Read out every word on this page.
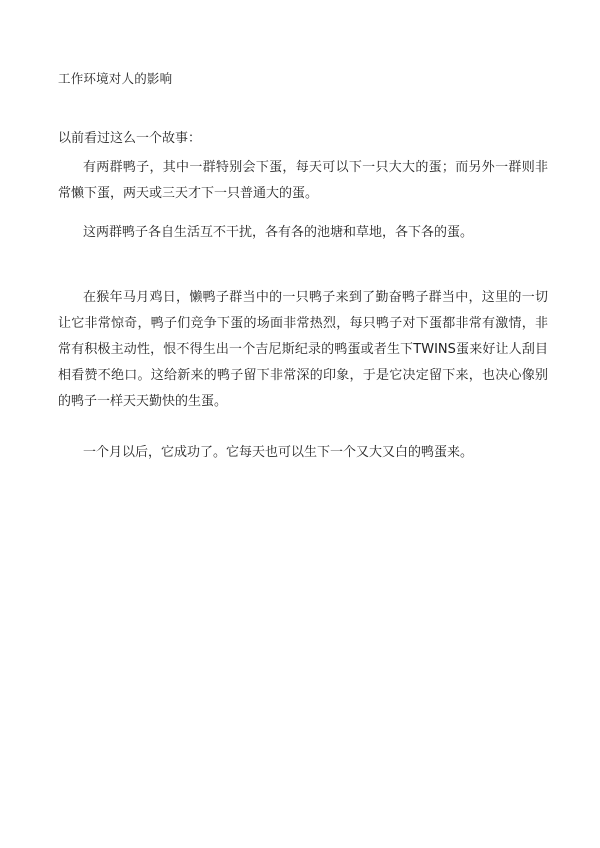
工作环境对人的影响
以前看过这么一个故事：

有两群鸭子，其中一群特别会下蛋，每天可以下一只大大的蛋；而另外一群则非常懒下蛋，两天或三天才下一只普通大的蛋。

这两群鸭子各自生活互不干扰，各有各的池塘和草地，各下各的蛋。

在猴年马月鸡日，懒鸭子群当中的一只鸭子来到了勤奋鸭子群当中，这里的一切让它非常惊奇，鸭子们竞争下蛋的场面非常热烈，每只鸭子对下蛋都非常有激情，非常有积极主动性，恨不得生出一个吉尼斯纪录的鸭蛋或者生下TWINS蛋来好让人刮目相看赞不绝口。这给新来的鸭子留下非常深的印象，于是它决定留下来，也决心像别的鸭子一样天天勤快的生蛋。

一个月以后，它成功了。它每天也可以生下一个又大又白的鸭蛋来。
